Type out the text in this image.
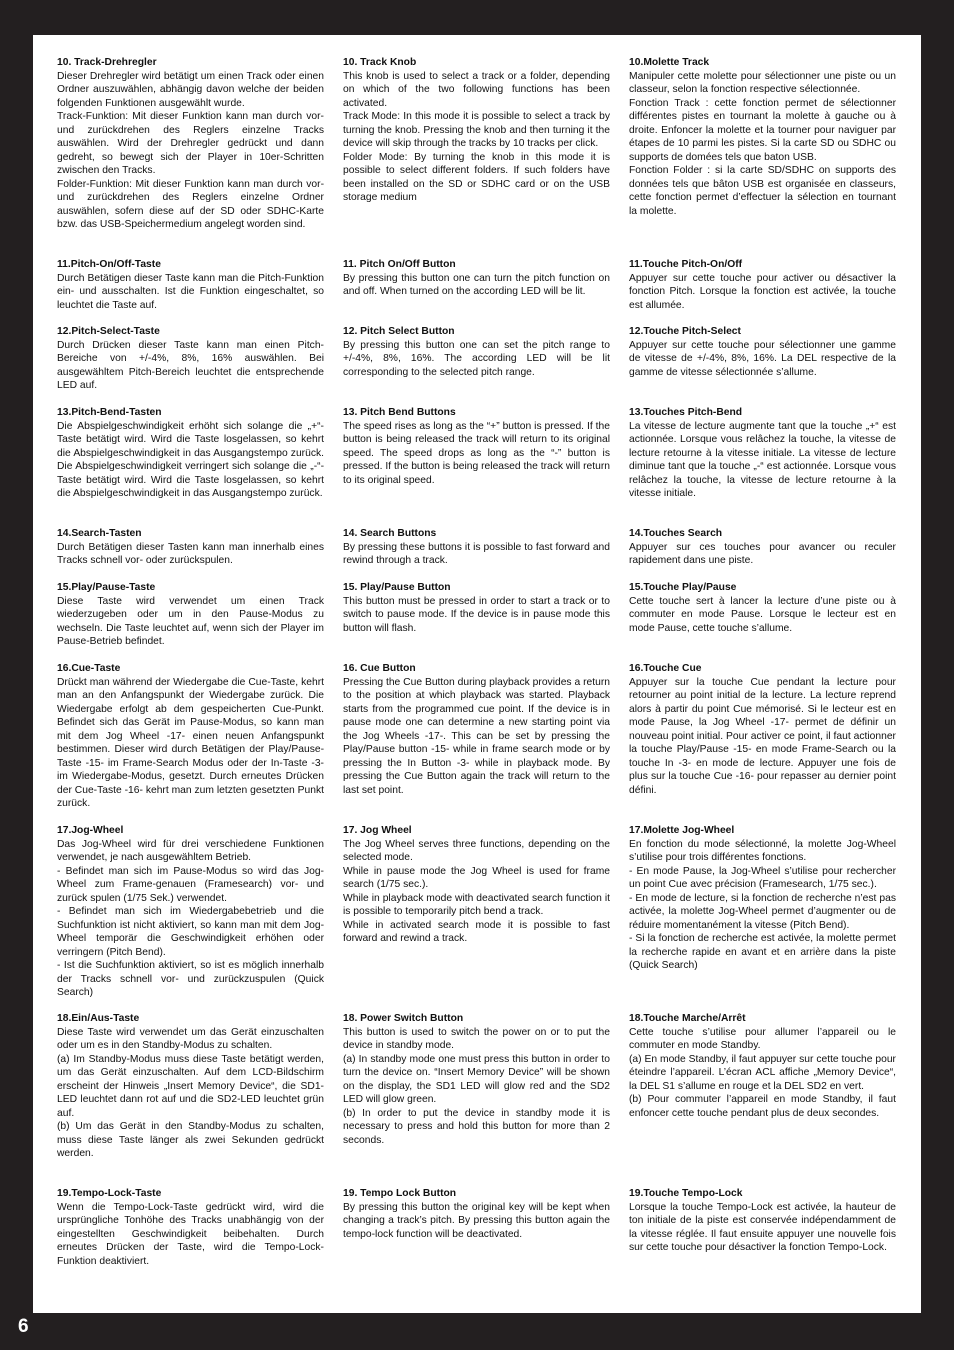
10. Track-Drehregler

Dieser Drehregler wird betätigt um einen Track oder einen Ordner auszuwählen, abhängig davon welche der beiden folgenden Funktionen ausgewählt wurde.
Track-Funktion: Mit dieser Funktion kann man durch vor- und zurückdrehen des Reglers einzelne Tracks auswählen. Wird der Drehregler gedrückt und dann gedreht, so bewegt sich der Player in 10er-Schritten zwischen den Tracks.
Folder-Funktion: Mit dieser Funktion kann man durch vor- und zurückdrehen des Reglers einzelne Ordner auswählen, sofern diese auf der SD oder SDHC-Karte bzw. das USB-Speichermedium angelegt worden sind.

11.Pitch-On/Off-Taste

Durch Betätigen dieser Taste kann man die Pitch-Funktion ein- und ausschalten. Ist die Funktion eingeschaltet, so leuchtet die Taste auf.

12.Pitch-Select-Taste

Durch Drücken dieser Taste kann man einen Pitch-Bereiche von +/-4%, 8%, 16% auswählen. Bei ausgewähltem Pitch-Bereich leuchtet die entsprechende LED auf.

13.Pitch-Bend-Tasten

Die Abspielgeschwindigkeit erhöht sich solange die „+“-Taste betätigt wird. Wird die Taste losgelassen, so kehrt die Abspielgeschwindigkeit in das Ausgangstempo zurück. Die Abspielgeschwindigkeit verringert sich solange die „-“-Taste betätigt wird. Wird die Taste losgelassen, so kehrt die Abspielgeschwindigkeit in das Ausgangstempo zurück.

14.Search-Tasten

Durch Betätigen dieser Tasten kann man innerhalb eines Tracks schnell vor- oder zurückspulen.

15.Play/Pause-Taste

Diese Taste wird verwendet um einen Track wiederzugeben oder um in den Pause-Modus zu wechseln. Die Taste leuchtet auf, wenn sich der Player im Pause-Betrieb befindet.

16.Cue-Taste

Drückt man während der Wiedergabe die Cue-Taste, kehrt man an den Anfangspunkt der Wiedergabe zurück. Die Wiedergabe erfolgt ab dem gespeicherten Cue-Punkt. Befindet sich das Gerät im Pause-Modus, so kann man mit dem Jog Wheel -17- einen neuen Anfangspunkt bestimmen. Dieser wird durch Betätigen der Play/Pause-Taste -15- im Frame-Search Modus oder der In-Taste -3- im Wiedergabe-Modus, gesetzt. Durch erneutes Drücken der Cue-Taste -16- kehrt man zum letzten gesetzten Punkt zurück.

17.Jog-Wheel

Das Jog-Wheel wird für drei verschiedene Funktionen verwendet, je nach ausgewähltem Betrieb.
- Befindet man sich im Pause-Modus so wird das Jog-Wheel zum Frame-genauen (Framesearch) vor- und zurück spulen (1/75 Sek.) verwendet.
- Befindet man sich im Wiedergabebetrieb und die Suchfunktion ist nicht aktiviert, so kann man mit dem Jog-Wheel temporär die Geschwindigkeit erhöhen oder verringern (Pitch Bend).
- Ist die Suchfunktion aktiviert, so ist es möglich innerhalb der Tracks schnell vor- und zurückzuspulen (Quick Search)

18.Ein/Aus-Taste

Diese Taste wird verwendet um das Gerät einzuschalten oder um es in den Standby-Modus zu schalten.
(a) Im Standby-Modus muss diese Taste betätigt werden, um das Gerät einzuschalten. Auf dem LCD-Bildschirm erscheint der Hinweis „Insert Memory Device“, die SD1-LED leuchtet dann rot auf und die SD2-LED leuchtet grün auf.
(b) Um das Gerät in den Standby-Modus zu schalten, muss diese Taste länger als zwei Sekunden gedrückt werden.

19.Tempo-Lock-Taste

Wenn die Tempo-Lock-Taste gedrückt wird, wird die ursprüngliche Tonhöhe des Tracks unabhängig von der eingestellten Geschwindigkeit beibehalten. Durch erneutes Drücken der Taste, wird die Tempo-Lock-Funktion deaktiviert.

10. Track Knob

This knob is used to select a track or a folder, depending on which of the two following functions has been activated.
Track Mode: In this mode it is possible to select a track by turning the knob. Pressing the knob and then turning it the device will skip through the tracks by 10 tracks per click.
Folder Mode: By turning the knob in this mode it is possible to select different folders. If such folders have been installed on the SD or SDHC card or on the USB storage medium

11. Pitch On/Off Button

By pressing this button one can turn the pitch function on and off. When turned on the according LED will be lit.

12. Pitch Select Button

By pressing this button one can set the pitch range to +/-4%, 8%, 16%. The according LED will be lit corresponding to the selected pitch range.

13. Pitch Bend Buttons

The speed rises as long as the “+” button is pressed. If the button is being released the track will return to its original speed. The speed drops as long as the “-” button is pressed. If the button is being released the track will return to its original speed.

14. Search Buttons

By pressing these buttons it is possible to fast forward and rewind through a track.

15. Play/Pause Button

This button must be pressed in order to start a track or to switch to pause mode. If the device is in pause mode this button will flash.

16. Cue Button

Pressing the Cue Button during playback provides a return to the position at which playback was started. Playback starts from the programmed cue point. If the device is in pause mode one can determine a new starting point via the Jog Wheels -17-. This can be set by pressing the Play/Pause button -15- while in frame search mode or by pressing the In Button -3- while in playback mode. By pressing the Cue Button again the track will return to the last set point.

17. Jog Wheel

The Jog Wheel serves three functions, depending on the selected mode.
While in pause mode the Jog Wheel is used for frame search (1/75 sec.).
While in playback mode with deactivated search function it is possible to temporarily pitch bend a track.
While in activated search mode it is possible to fast forward and rewind a track.

18. Power Switch Button

This button is used to switch the power on or to put the device in standby mode.
(a) In standby mode one must press this button in order to turn the device on. “Insert Memory Device” will be shown on the display, the SD1 LED will glow red and the SD2 LED will glow green.
(b) In order to put the device in standby mode it is necessary to press and hold this button for more than 2 seconds.

19. Tempo Lock Button

By pressing this button the original key will be kept when changing a track’s pitch. By pressing this button again the tempo-lock function will be deactivated.

10.Molette Track

Manipuler cette molette pour sélectionner une piste ou un classeur, selon la fonction respective sélectionnée.
Fonction Track : cette fonction permet de sélectionner différentes pistes en tournant la molette à gauche ou à droite. Enfoncer la molette et la tourner pour naviguer par étapes de 10 parmi les pistes. Si la carte SD ou SDHC ou supports de domées tels que baton USB.
Fonction Folder : si la carte SD/SDHC on supports des données tels que bâton USB est organisée en classeurs, cette fonction permet d’effectuer la sélection en tournant la molette.

11.Touche Pitch-On/Off

Appuyer sur cette touche pour activer ou désactiver la fonction Pitch. Lorsque la fonction est activée, la touche est allumée.

12.Touche Pitch-Select

Appuyer sur cette touche pour sélectionner une gamme de vitesse de +/-4%, 8%, 16%. La DEL respective de la gamme de vitesse sélectionnée s’allume.

13.Touches Pitch-Bend

La vitesse de lecture augmente tant que la touche „+“ est actionnée. Lorsque vous relâchez la touche, la vitesse de lecture retourne à la vitesse initiale. La vitesse de lecture diminue tant que la touche „-“ est actionnée. Lorsque vous relâchez la touche, la vitesse de lecture retourne à la vitesse initiale.

14.Touches Search

Appuyer sur ces touches pour avancer ou reculer rapidement dans une piste.

15.Touche Play/Pause

Cette touche sert à lancer la lecture d’une piste ou à commuter en mode Pause. Lorsque le lecteur est en mode Pause, cette touche s’allume.

16.Touche Cue

Appuyer sur la touche Cue pendant la lecture pour retourner au point initial de la lecture. La lecture reprend alors à partir du point Cue mémorisé. Si le lecteur est en mode Pause, la Jog Wheel -17- permet de définir un nouveau point initial. Pour activer ce point, il faut actionner la touche Play/Pause -15- en mode Frame-Search ou la touche In -3- en mode de lecture. Appuyer une fois de plus sur la touche Cue -16- pour repasser au dernier point défini.

17.Molette Jog-Wheel

En fonction du mode sélectionné, la molette Jog-Wheel s’utilise pour trois différentes fonctions.
- En mode Pause, la Jog-Wheel s’utilise pour rechercher un point Cue avec précision (Framesearch, 1/75 sec.).
- En mode de lecture, si la fonction de recherche n’est pas activée, la molette Jog-Wheel permet d’augmenter ou de réduire momentanément la vitesse (Pitch Bend).
- Si la fonction de recherche est activée, la molette permet la recherche rapide en avant et en arrière dans la piste (Quick Search)

18.Touche Marche/Arrêt

Cette touche s’utilise pour allumer l’appareil ou le commuter en mode Standby.
(a) En mode Standby, il faut appuyer sur cette touche pour éteindre l’appareil. L’écran ACL affiche „Memory Device“, la DEL S1 s’allume en rouge et la DEL SD2 en vert.
(b) Pour commuter l’appareil en mode Standby, il faut enfoncer cette touche pendant plus de deux secondes.

19.Touche Tempo-Lock

Lorsque la touche Tempo-Lock est activée, la hauteur de ton initiale de la piste est conservée indépendamment de la vitesse réglée. Il faut ensuite appuyer une nouvelle fois sur cette touche pour désactiver la fonction Tempo-Lock.

6
